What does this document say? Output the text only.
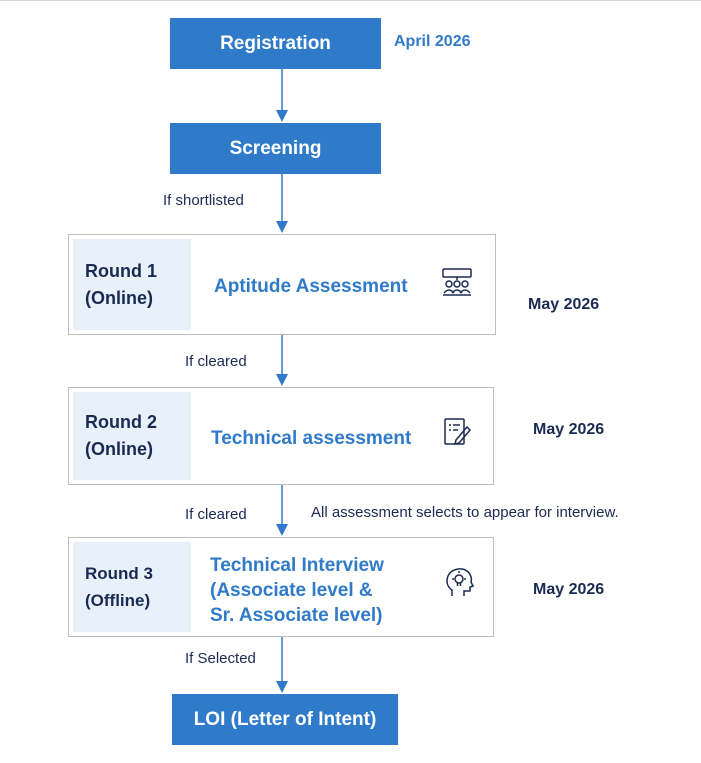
Registration	April 2026
Screening
If shortlisted
Round 1
(Online)
Aptitude Assessment
May 2026
If cleared
Round 2
(Online)	Technical assessment	May 2026
If cleared	All assessment selects to appear for interview.
Round 3
(Offline)
Technical Interview
(Associate level &
Sr. Associate level)
May 2026
If Selected
LOI (Letter of Intent)
